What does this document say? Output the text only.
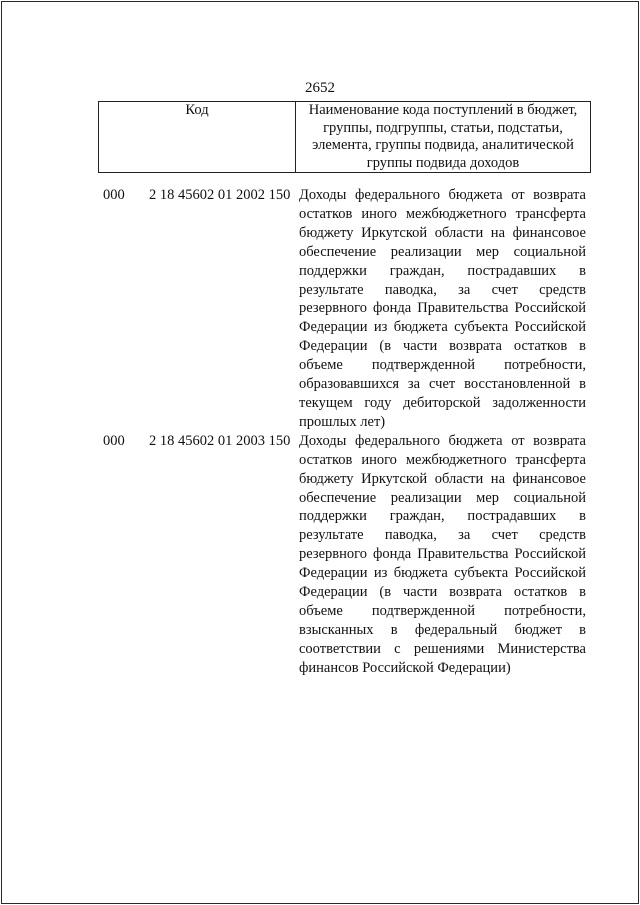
2652
Код	Наименование кода поступлений в бюджет, группы, подгруппы, статьи, подстатьи, элемента, группы подвида, аналитической группы подвида доходов
000	2 18 45602 01 2002 150 Доходы федерального бюджета от возврата остатков иного межбюджетного трансферта бюджету Иркутской области на финансовое обеспечение реализации мер социальной поддержки граждан, пострадавших в результате паводка, за счет средств резервного фонда Правительства Российской Федерации из бюджета субъекта Российской Федерации (в части возврата остатков в объеме подтвержденной потребности, образовавшихся за счет восстановленной в текущем году дебиторской задолженности прошлых лет)
000	2 18 45602 01 2003 150 Доходы федерального бюджета от возврата остатков иного межбюджетного трансферта бюджету Иркутской области на финансовое обеспечение реализации мер социальной поддержки граждан, пострадавших в результате паводка, за счет средств резервного фонда Правительства Российской Федерации из бюджета субъекта Российской Федерации (в части возврата остатков в объеме подтвержденной потребности, взысканных в федеральный бюджет в соответствии с решениями Министерства финансов Российской Федерации)
